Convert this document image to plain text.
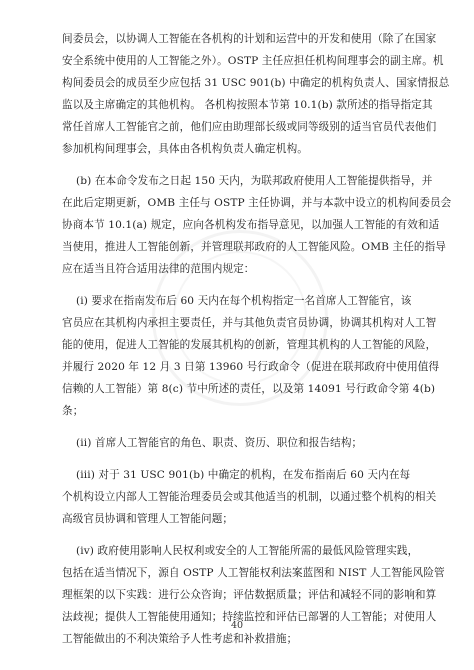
间委员会，以协调人工智能在各机构的计划和运营中的开发和使用（除了在国家
安全系统中使用的人工智能之外）。OSTP 主任应担任机构间理事会的副主席。机
构间委员会的成员至少应包括 31 USC 901(b) 中确定的机构负责人、国家情报总
监以及主席确定的其他机构。 各机构按照本节第 10.1(b) 款所述的指导指定其
常任首席人工智能官之前，他们应由助理部长级或同等级别的适当官员代表他们
参加机构间理事会，具体由各机构负责人确定机构。
(b) 在本命令发布之日起 150 天内，为联邦政府使用人工智能提供指导，并
在此后定期更新，OMB 主任与 OSTP 主任协调，并与本款中设立的机构间委员会
协商本节 10.1(a) 规定，应向各机构发布指导意见，以加强人工智能的有效和适
当使用，推进人工智能创新，并管理联邦政府的人工智能风险。OMB 主任的指导
应在适当且符合适用法律的范围内规定：
(i) 要求在指南发布后 60 天内在每个机构指定一名首席人工智能官，该
官员应在其机构内承担主要责任，并与其他负责官员协调，协调其机构对人工智
能的使用，促进人工智能的发展其机构的创新，管理其机构的人工智能的风险，
并履行 2020 年 12 月 3 日第 13960 号行政命令（促进在联邦政府中使用值得
信赖的人工智能）第 8(c) 节中所述的责任，以及第 14091 号行政命令第 4(b)
条；
(ii) 首席人工智能官的角色、职责、资历、职位和报告结构；
(iii) 对于 31 USC 901(b) 中确定的机构，在发布指南后 60 天内在每
个机构设立内部人工智能治理委员会或其他适当的机制，以通过整个机构的相关
高级官员协调和管理人工智能问题；
(iv) 政府使用影响人民权利或安全的人工智能所需的最低风险管理实践，
包括在适当情况下，源自 OSTP 人工智能权利法案蓝图和 NIST 人工智能风险管
理框架的以下实践：进行公众咨询；评估数据质量；评估和减轻不同的影响和算
法歧视；提供人工智能使用通知；持续监控和评估已部署的人工智能；对使用人
工智能做出的不利决策给予人性考虑和补救措施；
40
